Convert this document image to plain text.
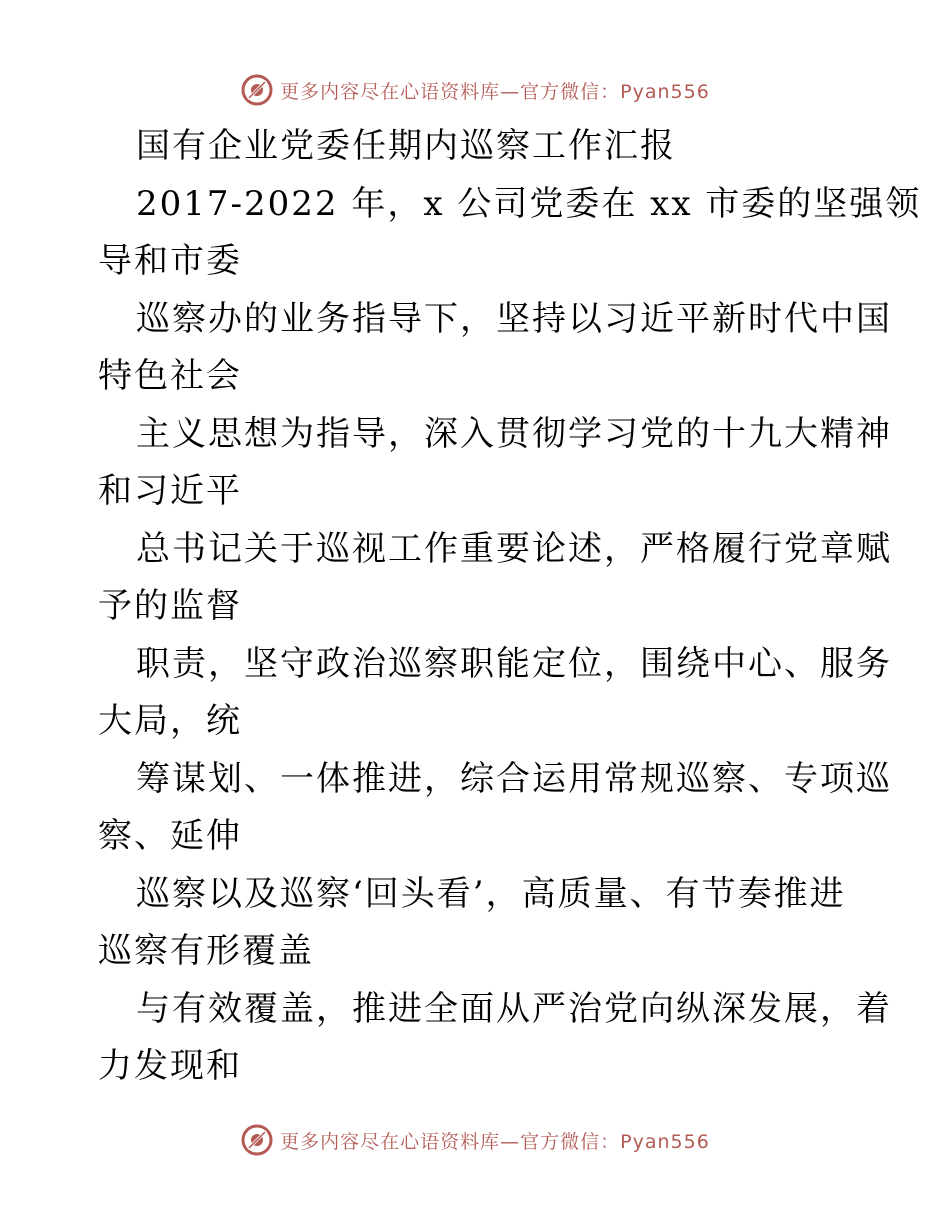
更多内容尽在心语资料库—官方微信：Pyan556
国有企业党委任期内巡察工作汇报
2017-2022 年，x 公司党委在 xx 市委的坚强领
导和市委
巡察办的业务指导下，坚持以习近平新时代中国
特色社会
主义思想为指导，深入贯彻学习党的十九大精神
和习近平
总书记关于巡视工作重要论述，严格履行党章赋
予的监督
职责，坚守政治巡察职能定位，围绕中心、服务
大局，统
筹谋划、一体推进，综合运用常规巡察、专项巡
察、延伸
巡察以及巡察‘回头看’，高质量、有节奏推进
巡察有形覆盖
与有效覆盖，推进全面从严治党向纵深发展，着
力发现和
更多内容尽在心语资料库—官方微信：Pyan556
